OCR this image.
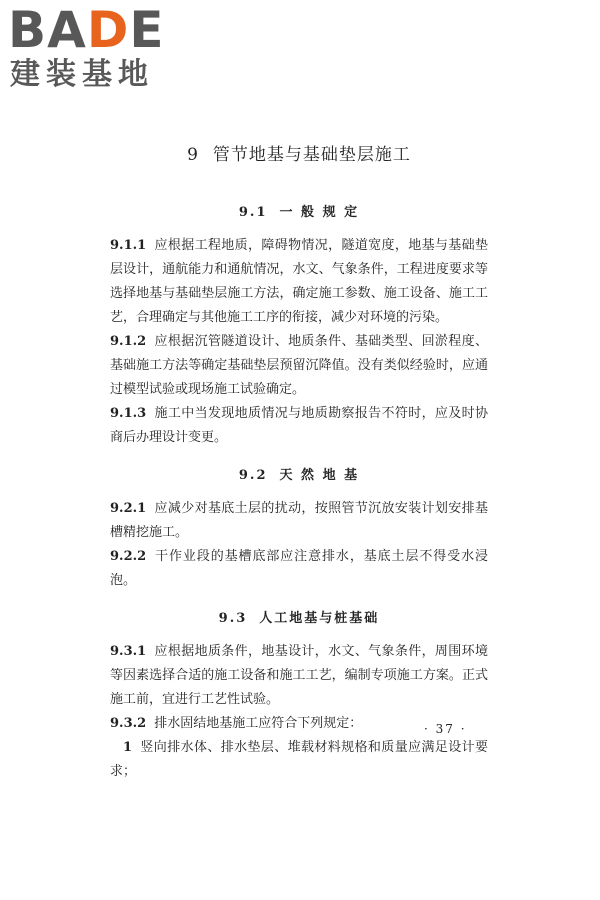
BADE
建装基地
9 管节地基与基础垫层施工
9.1 一 般 规 定

9.1.1 应根据工程地质，障碍物情况，隧道宽度，地基与基础垫层设计，通航能力和通航情况，水文、气象条件，工程进度要求等选择地基与基础垫层施工方法，确定施工参数、施工设备、施工工艺，合理确定与其他施工工序的衔接，减少对环境的污染。

9.1.2 应根据沉管隧道设计、地质条件、基础类型、回淤程度、基础施工方法等确定基础垫层预留沉降值。没有类似经验时，应通过模型试验或现场施工试验确定。

9.1.3 施工中当发现地质情况与地质勘察报告不符时，应及时协商后办理设计变更。

9.2 天 然 地 基

9.2.1 应减少对基底土层的扰动，按照管节沉放安装计划安排基槽精挖施工。

9.2.2 干作业段的基槽底部应注意排水，基底土层不得受水浸泡。

9.3 人工地基与桩基础

9.3.1 应根据地质条件，地基设计，水文、气象条件，周围环境等因素选择合适的施工设备和施工工艺，编制专项施工方案。正式施工前，宜进行工艺性试验。

9.3.2 排水固结地基施工应符合下列规定：

1 竖向排水体、排水垫层、堆载材料规格和质量应满足设计要求；

· 37 ·
